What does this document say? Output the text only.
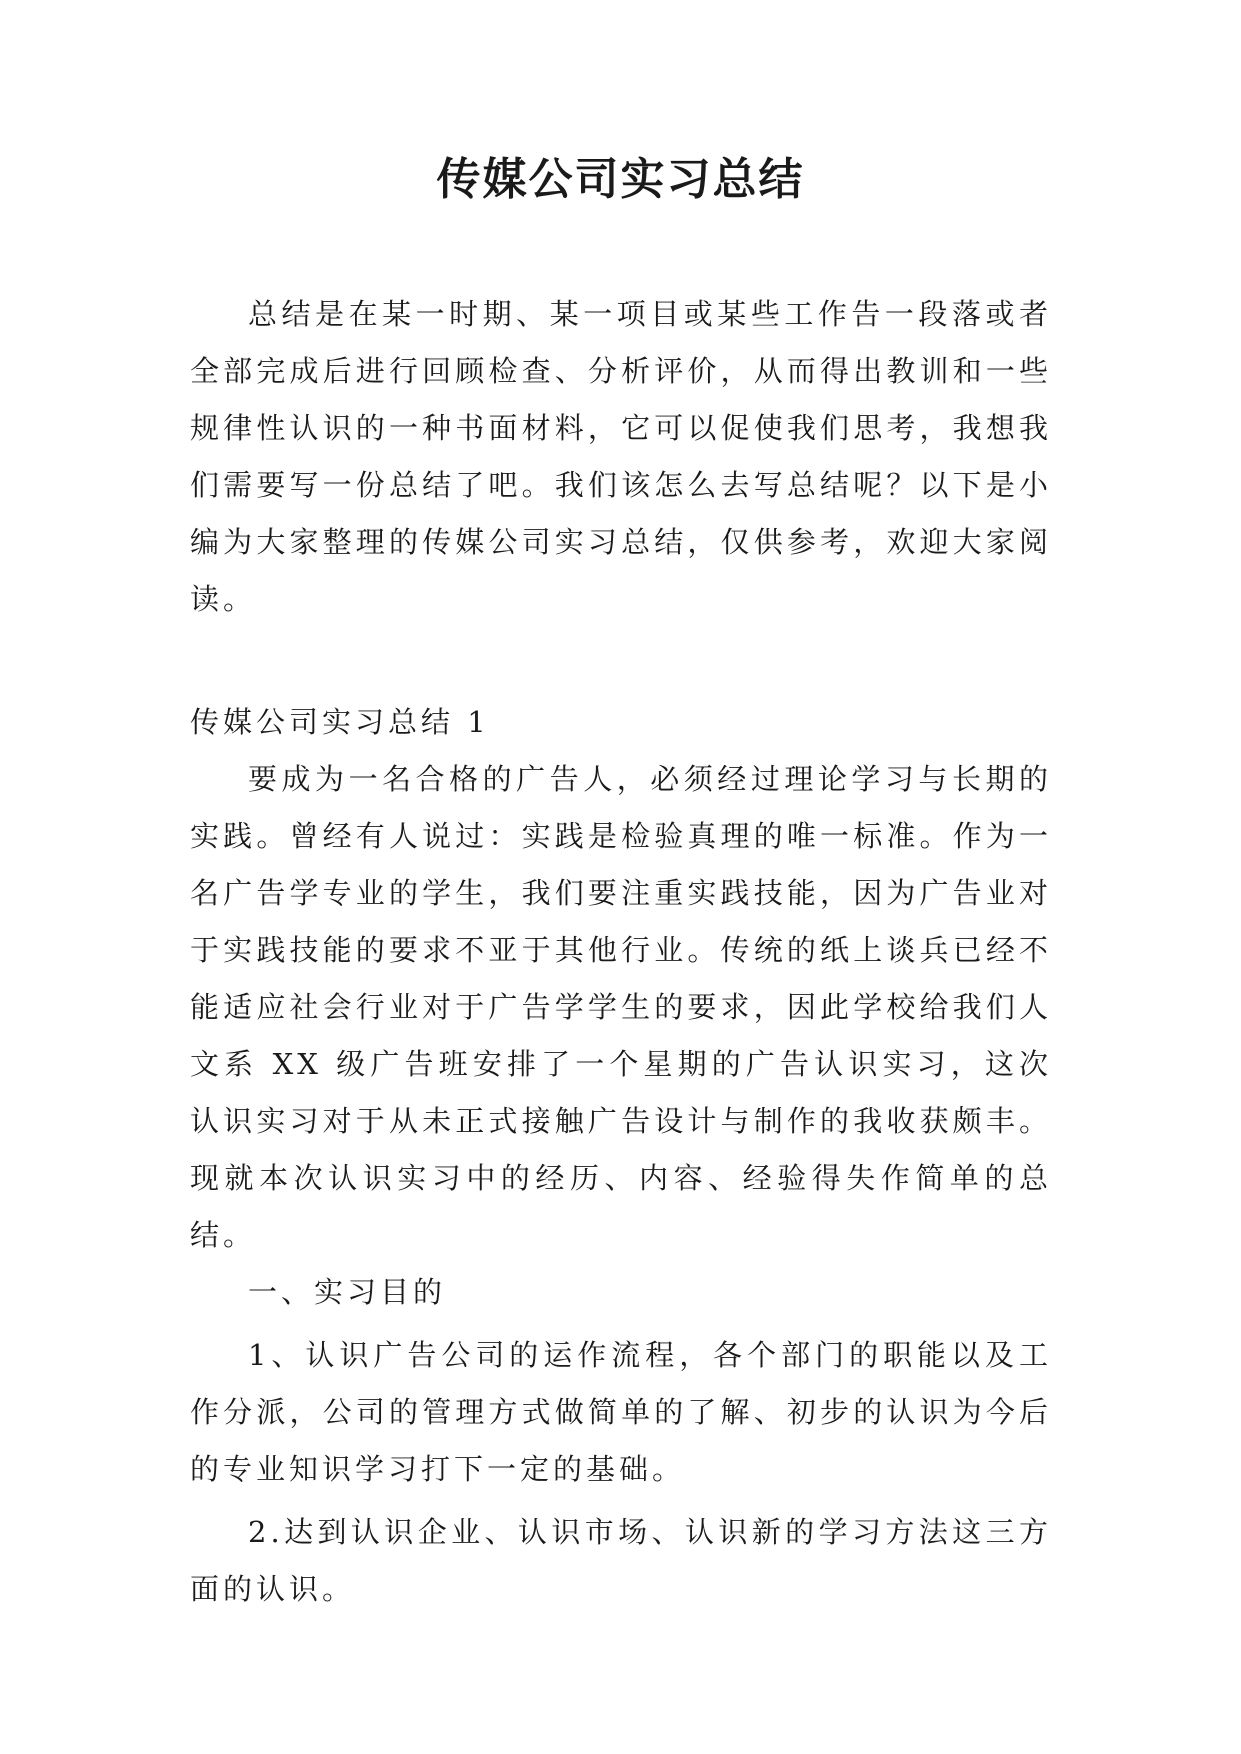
传媒公司实习总结

总结是在某一时期、某一项目或某些工作告一段落或者全部完成后进行回顾检查、分析评价，从而得出教训和一些规律性认识的一种书面材料，它可以促使我们思考，我想我们需要写一份总结了吧。我们该怎么去写总结呢？以下是小编为大家整理的传媒公司实习总结，仅供参考，欢迎大家阅读。

传媒公司实习总结 1

要成为一名合格的广告人，必须经过理论学习与长期的实践。曾经有人说过：实践是检验真理的唯一标准。作为一名广告学专业的学生，我们要注重实践技能，因为广告业对于实践技能的要求不亚于其他行业。传统的纸上谈兵已经不能适应社会行业对于广告学学生的要求，因此学校给我们人文系 XX 级广告班安排了一个星期的广告认识实习，这次认识实习对于从未正式接触广告设计与制作的我收获颇丰。现就本次认识实习中的经历、内容、经验得失作简单的总结。

一、实习目的

1、认识广告公司的运作流程，各个部门的职能以及工作分派，公司的管理方式做简单的了解、初步的认识为今后的专业知识学习打下一定的基础。

2.达到认识企业、认识市场、认识新的学习方法这三方面的认识。
